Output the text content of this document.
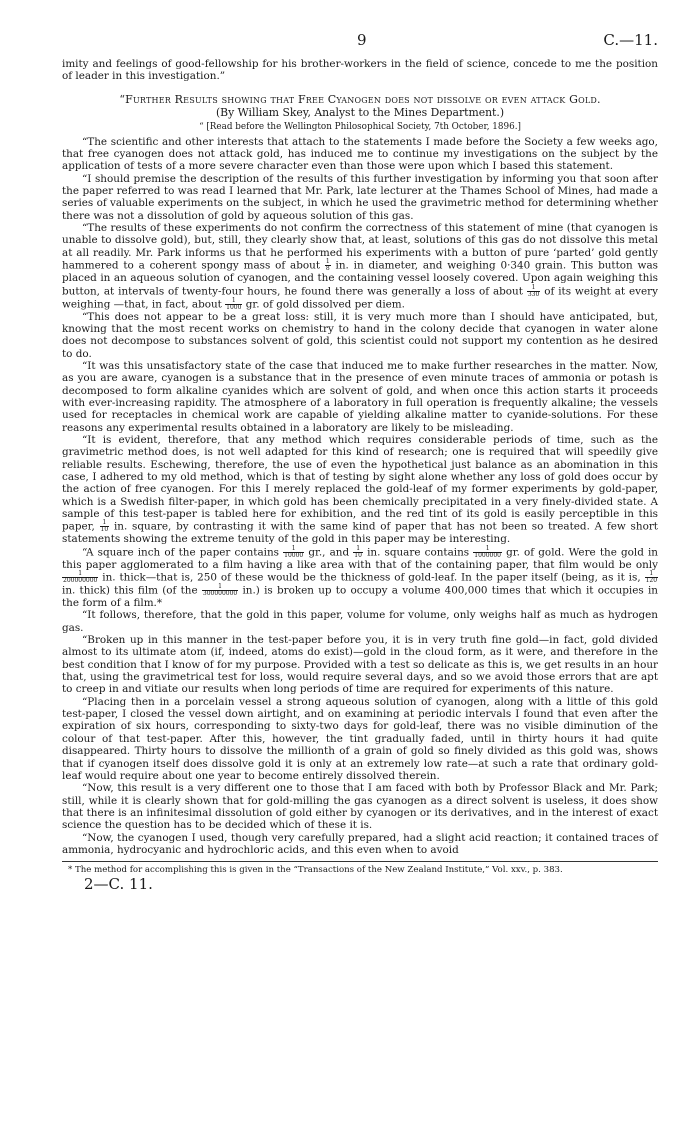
9	C.—11.

imity and feelings of good-fellowship for his brother-workers in the field of science, concede to me the position of leader in this investigation.”

“Further Results showing that Free Cyanogen does not dissolve or even attack Gold.

(By William Skey, Analyst to the Mines Department.)

“ [Read before the Wellington Philosophical Society, 7th October, 1896.]

“The scientific and other interests that attach to the statements I made before the Society a few weeks ago, that free cyanogen does not attack gold, has induced me to continue my investigations on the subject by the application of tests of a more severe character even than those were upon which I based this statement.

“I should premise the description of the results of this further investigation by informing you that soon after the paper referred to was read I learned that Mr. Park, late lecturer at the Thames School of Mines, had made a series of valuable experiments on the subject, in which he used the gravimetric method for determining whether there was not a dissolution of gold by aqueous solution of this gas.

“The results of these experiments do not confirm the correctness of this statement of mine (that cyanogen is unable to dissolve gold), but, still, they clearly show that, at least, solutions of this gas do not dissolve this metal at all readily. Mr. Park informs us that he performed his experiments with a button of pure ‘parted’ gold gently hammered to a coherent spongy mass of about $\frac{1}{8}$ in. in diameter, and weighing 0·340 grain. This button was placed in an aqueous solution of cyanogen, and the containing vessel loosely covered. Upon again weighing this button, at intervals of twenty-four hours, he found there was generally a loss of about $\frac{1}{330}$ of its weight at every weighing —that, in fact, about $\frac{1}{1000}$ gr. of gold dissolved per diem.

“This does not appear to be a great loss: still, it is very much more than I should have anticipated, but, knowing that the most recent works on chemistry to hand in the colony decide that cyanogen in water alone does not decompose to substances solvent of gold, this scientist could not support my contention as he desired to do.

“It was this unsatisfactory state of the case that induced me to make further researches in the matter. Now, as you are aware, cyanogen is a substance that in the presence of even minute traces of ammonia or potash is decomposed to form alkaline cyanides which are solvent of gold, and when once this action starts it proceeds with ever-increasing rapidity. The atmosphere of a laboratory in full operation is frequently alkaline; the vessels used for receptacles in chemical work are capable of yielding alkaline matter to cyanide-solutions. For these reasons any experimental results obtained in a laboratory are likely to be misleading.

“It is evident, therefore, that any method which requires considerable periods of time, such as the gravimetric method does, is not well adapted for this kind of research; one is required that will speedily give reliable results. Eschewing, therefore, the use of even the hypothetical just balance as an abomination in this case, I adhered to my old method, which is that of testing by sight alone whether any loss of gold does occur by the action of free cyanogen. For this I merely replaced the gold-leaf of my former experiments by gold-paper, which is a Swedish filter-paper, in which gold has been chemically precipitated in a very finely-divided state. A sample of this test-paper is tabled here for exhibition, and the red tint of its gold is easily perceptible in this paper, $\frac{1}{10}$ in. square, by contrasting it with the same kind of paper that has not been so treated. A few short statements showing the extreme tenuity of the gold in this paper may be interesting.

“A square inch of the paper contains $\frac{1}{10000}$ gr., and $\frac{1}{10}$ in. square contains $\frac{1}{1000000}$ gr. of gold. Were the gold in this paper agglomerated to a film having a like area with that of the containing paper, that film would be only
$\frac{1}{200000000}$ in. thick—that is, 250 of these would be the thickness of gold-leaf. In the paper itself (being, as it is, $\frac{1}{120}$
in. thick) this film (of the $\frac{1}{300000000} in$.) is broken up to occupy a volume 400,000 times that which it occupies in the form of a film.*

“It follows, therefore, that the gold in this paper, volume for volume, only weighs half as much as hydrogen gas.

“Broken up in this manner in the test-paper before you, it is in very truth fine gold—in fact, gold divided almost to its ultimate atom (if, indeed, atoms do exist)—gold in the cloud form, as it were, and therefore in the best condition that I know of for my purpose. Provided with a test so delicate as this is, we get results in an hour that, using the gravimetrical test for loss, would require several days, and so we avoid those errors that are apt to creep in and vitiate our results when long periods of time are required for experiments of this nature.

“Placing then in a porcelain vessel a strong aqueous solution of cyanogen, along with a little of this gold test-paper, I closed the vessel down airtight, and on examining at periodic intervals I found that even after the expiration of six hours, corresponding to sixty-two days for gold-leaf, there was no visible diminution of the colour of that test-paper. After this, however, the tint gradually faded, until in thirty hours it had quite disappeared. Thirty hours to dissolve the millionth of a grain of gold so finely divided as this gold was, shows that if cyanogen itself does dissolve gold it is only at an extremely low rate—at such a rate that ordinary gold-leaf would require about one year to become entirely dissolved therein.

“Now, this result is a very different one to those that I am faced with both by Professor Black and Mr. Park; still, while it is clearly shown that for gold-milling the gas cyanogen as a direct solvent is useless, it does show that there is an infinitesimal dissolution of gold either by cyanogen or its derivatives, and in the interest of exact science the question has to be decided which of these it is.

“Now, the cyanogen I used, though very carefully prepared, had a slight acid reaction; it contained traces of ammonia, hydrocyanic and hydrochloric acids, and this even when to avoid

* The method for accomplishing this is given in the “Transactions of the New Zealand Institute,” Vol. xxv., p. 383.

2—C. 11.
